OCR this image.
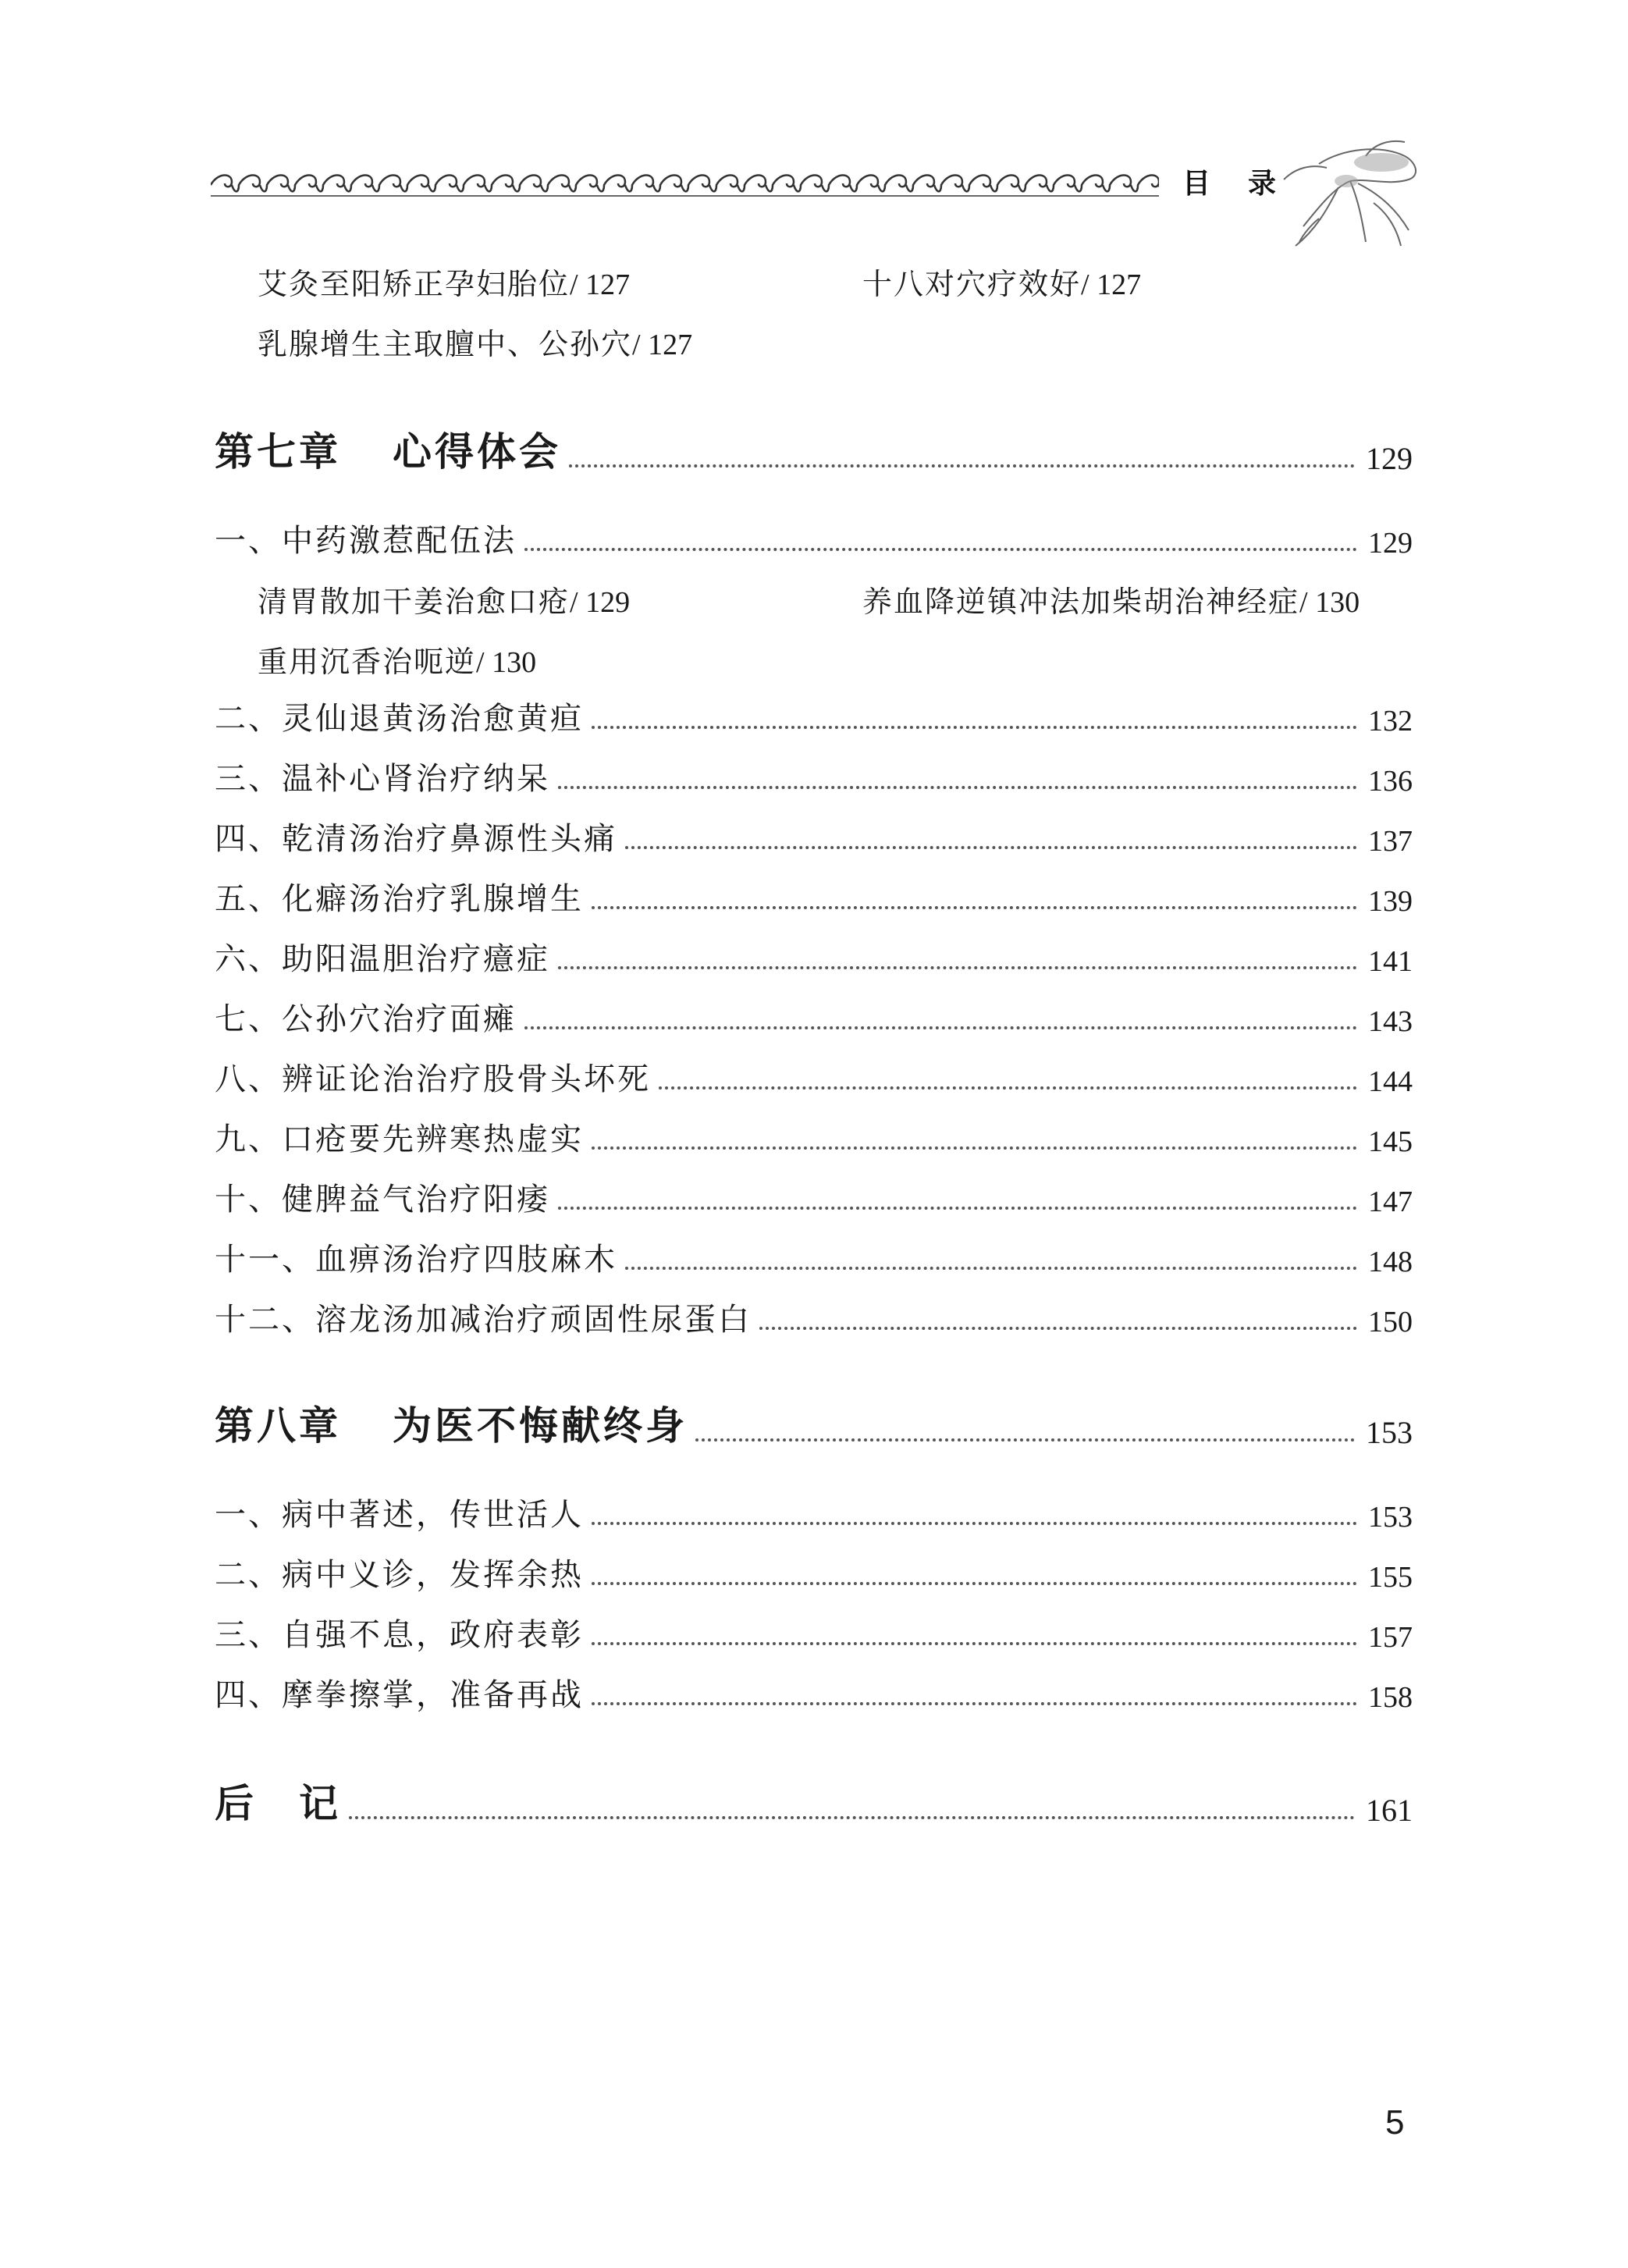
目录
艾灸至阳矫正孕妇胎位/ 127	十八对穴疗效好/ 127
乳腺增生主取膻中、公孙穴/ 127
第七章 心得体会	129
一、中药激惹配伍法	129
清胃散加干姜治愈口疮/ 129	养血降逆镇冲法加柴胡治神经症/ 130
重用沉香治呃逆/ 130
二、灵仙退黄汤治愈黄疸	132
三、温补心肾治疗纳呆	136
四、乾清汤治疗鼻源性头痛	137
五、化癖汤治疗乳腺增生	139
六、助阳温胆治疗癔症	141
七、公孙穴治疗面瘫	143
八、辨证论治治疗股骨头坏死	144
九、口疮要先辨寒热虚实	145
十、健脾益气治疗阳痿	147
十一、血痹汤治疗四肢麻木	148
十二、溶龙汤加减治疗顽固性尿蛋白	150
第八章 为医不悔献终身	153
一、病中著述，传世活人	153
二、病中义诊，发挥余热	155
三、自强不息，政府表彰	157
四、摩拳擦掌，准备再战	158
后　记	161
5
